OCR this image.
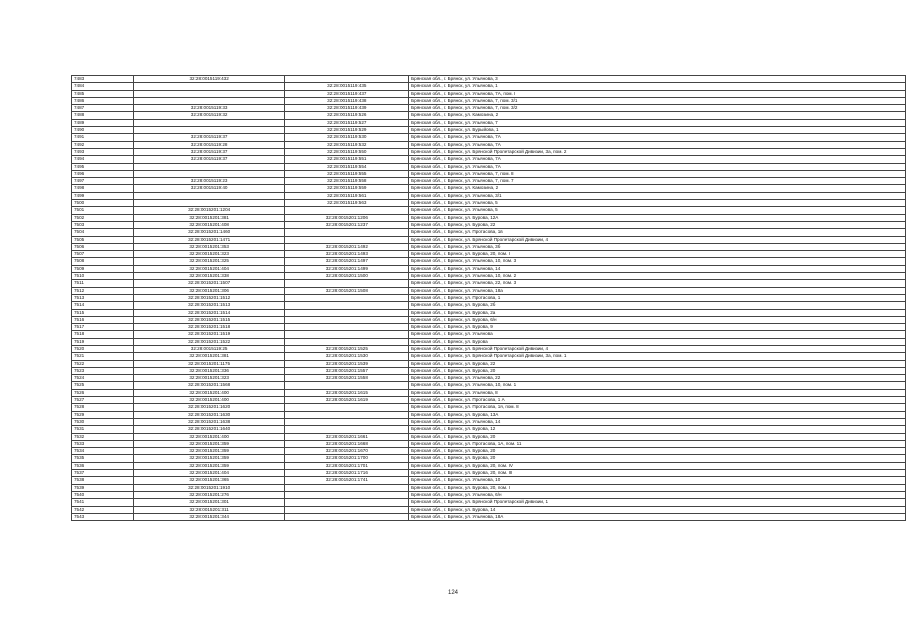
7483	32:28:0015119:432		Брянская обл., г. Брянск, ул. Ульянова, 3
7484		32:28:0015119:435	Брянская обл., г. Брянск, ул. Ульянова, 1
7485		32:28:0015119:437	Брянская обл., г. Брянск, ул. Ульянова, 7А, пом. I
7486		32:28:0015119:438	Брянская обл., г. Брянск, ул. Ульянова, 7, пом. 3/1
7487	32:28:0015119:33	32:28:0015119:439	Брянская обл., г. Брянск, ул. Ульянова, 7, пом. 3/2
7488	32:28:0015119:32	32:28:0015119:526	Брянская обл., г. Брянск, ул. Камозина, 2
7489		32:28:0015119:527	Брянская обл., г. Брянск, ул. Ульянова, 7
7490		32:28:0015119:529	Брянская обл., г. Брянск, ул. Бурыйова, 1
7491	32:28:0015119:37	32:28:0015119:530	Брянская обл., г. Брянск, ул. Ульянова, 7А
7492	32:28:0015119:28	32:28:0015119:532	Брянская обл., г. Брянск, ул. Ульянова, 7А
7493	32:28:0015119:37	32:28:0015119:550	Брянская обл., г. Брянск, ул. Брянской Пролетарской Дивизии, 3а, пом. 2
7494	32:28:0015119:37	32:28:0015119:551	Брянская обл., г. Брянск, ул. Ульянова, 7А
7495		32:28:0015119:554	Брянская обл., г. Брянск, ул. Ульянова, 7А
7496		32:28:0015119:555	Брянская обл., г. Брянск, ул. Ульянова, 7, пом. 8
7497	32:28:0015119:23	32:28:0015119:558	Брянская обл., г. Брянск, ул. Ульянова, 7, пом. 7
7498	32:28:0015119:40	32:28:0015119:559	Брянская обл., г. Брянск, ул. Камозина, 2
7499		32:28:0015119:561	Брянская обл., г. Брянск, ул. Ульянова, 3/1
7500		32:28:0015119:563	Брянская обл., г. Брянск, ул. Ульянова, 5
7501	32:28:0015201:1204		Брянская обл., г. Брянск, ул. Ульянова, 5
7502	32:28:0015201:381	32:28:0015201:1206	Брянская обл., г. Брянск, ул. Бурова, 12А
7503	32:28:0015201:408	32:28:0015201:1237	Брянская обл., г. Брянск, ул. Бурова, 22
7504	32:28:0015201:1460		Брянская обл., г. Брянск, ул. Протасова, 1в
7505	32:28:0015201:1471		Брянская обл., г. Брянск, ул. Брянской Пролетарской Дивизии, 4
7506	32:28:0015201:353	32:28:0015201:1492	Брянская обл., г. Брянск, ул. Ульянова, 3б
7507	32:28:0015201:323	32:28:0015201:1493	Брянская обл., г. Брянск, ул. Бурова, 20, пом. I
7508	32:28:0015201:325	32:28:0015201:1497	Брянская обл., г. Брянск, ул. Ульянова, 10, пом. 3
7509	32:28:0015201:404	32:28:0015201:1499	Брянская обл., г. Брянск, ул. Ульянова, 14
7510	32:28:0015201:338	32:28:0015201:1500	Брянская обл., г. Брянск, ул. Ульянова, 10, пом. 2
7511	32:28:0015201:1507		Брянская обл., г. Брянск, ул. Ульянова, 22, пом. 3
7512	32:28:0015201:306	32:28:0015201:1508	Брянская обл., г. Брянск, ул. Ульянова, 18а
7513	32:28:0015201:1512		Брянская обл., г. Брянск, ул. Протасова, 1
7514	32:28:0015201:1513		Брянская обл., г. Брянск, ул. Бурова, 2б
7515	32:28:0015201:1514		Брянская обл., г. Брянск, ул. Бурова, 2а
7516	32:28:0015201:1515		Брянская обл., г. Брянск, ул. Бурова, 6/н
7517	32:28:0015201:1518		Брянская обл., г. Брянск, ул. Бурова, 9
7518	32:28:0015201:1519		Брянская обл., г. Брянск, ул. Ульянова
7519	32:28:0015201:1522		Брянская обл., г. Брянск, ул. Бурова
7520	32:28:0015119:25	32:28:0015201:1525	Брянская обл., г. Брянск, ул. Брянской Пролетарской Дивизии, 4
7521	32:28:0015201:381	32:28:0015201:1530	Брянская обл., г. Брянск, ул. Брянской Пролетарской Дивизии, 3а, пом. 1
7522	32:28:0015201:1175	32:28:0015201:1539	Брянская обл., г. Брянск, ул. Бурова, 22
7523	32:28:0015201:336	32:28:0015201:1557	Брянская обл., г. Брянск, ул. Бурова, 20
7524	32:28:0015201:323	32:28:0015201:1558	Брянская обл., г. Брянск, ул. Ульянова, 22
7525	32:28:0015201:1568		Брянская обл., г. Брянск, ул. Ульянова, 10, пом. 1
7526	32:28:0015201:400	32:28:0015201:1615	Брянская обл., г. Брянск, ул. Ульянова, 8
7527	32:28:0015201:400	32:28:0015201:1619	Брянская обл., г. Брянск, ул. Протасова, 1 А
7528	32:28:0015201:1620		Брянская обл., г. Брянск, ул. Протасова, 1я, пом. 8
7529	32:28:0015201:1630		Брянская обл., г. Брянск, ул. Бурова, 13А
7530	32:28:0015201:1638		Брянская обл., г. Брянск, ул. Ульянова, 14
7531	32:28:0015201:1640		Брянская обл., г. Брянск, ул. Бурова, 12
7532	32:28:0015201:400	32:28:0015201:1661	Брянская обл., г. Брянск, ул. Бурова, 20
7533	32:28:0015201:359	32:28:0015201:1668	Брянская обл., г. Брянск, ул. Протасова, 1А, пом. 11
7534	32:28:0015201:359	32:28:0015201:1670	Брянская обл., г. Брянск, ул. Бурова, 20
7535	32:28:0015201:359	32:28:0015201:1700	Брянская обл., г. Брянск, ул. Бурова, 20
7536	32:28:0015201:359	32:28:0015201:1701	Брянская обл., г. Брянск, ул. Бурова, 20, пом. IV
7537	32:28:0015201:404	32:28:0015201:1716	Брянская обл., г. Брянск, ул. Бурова, 20, пом. III
7538	32:28:0015201:365	32:28:0015201:1741	Брянская обл., г. Брянск, ул. Ульянова, 10
7539	32:28:0015201:1910		Брянская обл., г. Брянск, ул. Бурова, 20, пом. I
7540	32:28:0015201:276		Брянская обл., г. Брянск, ул. Ульянова, 6/н
7541	32:28:0015201:301		Брянская обл., г. Брянск, ул. Брянской Пролетарской Дивизии, 1
7542	32:28:0015201:311		Брянская обл., г. Брянск, ул. Бурова, 14
7543	32:28:0015201:344		Брянская обл., г. Брянск, ул. Ульянова, 18А
124
